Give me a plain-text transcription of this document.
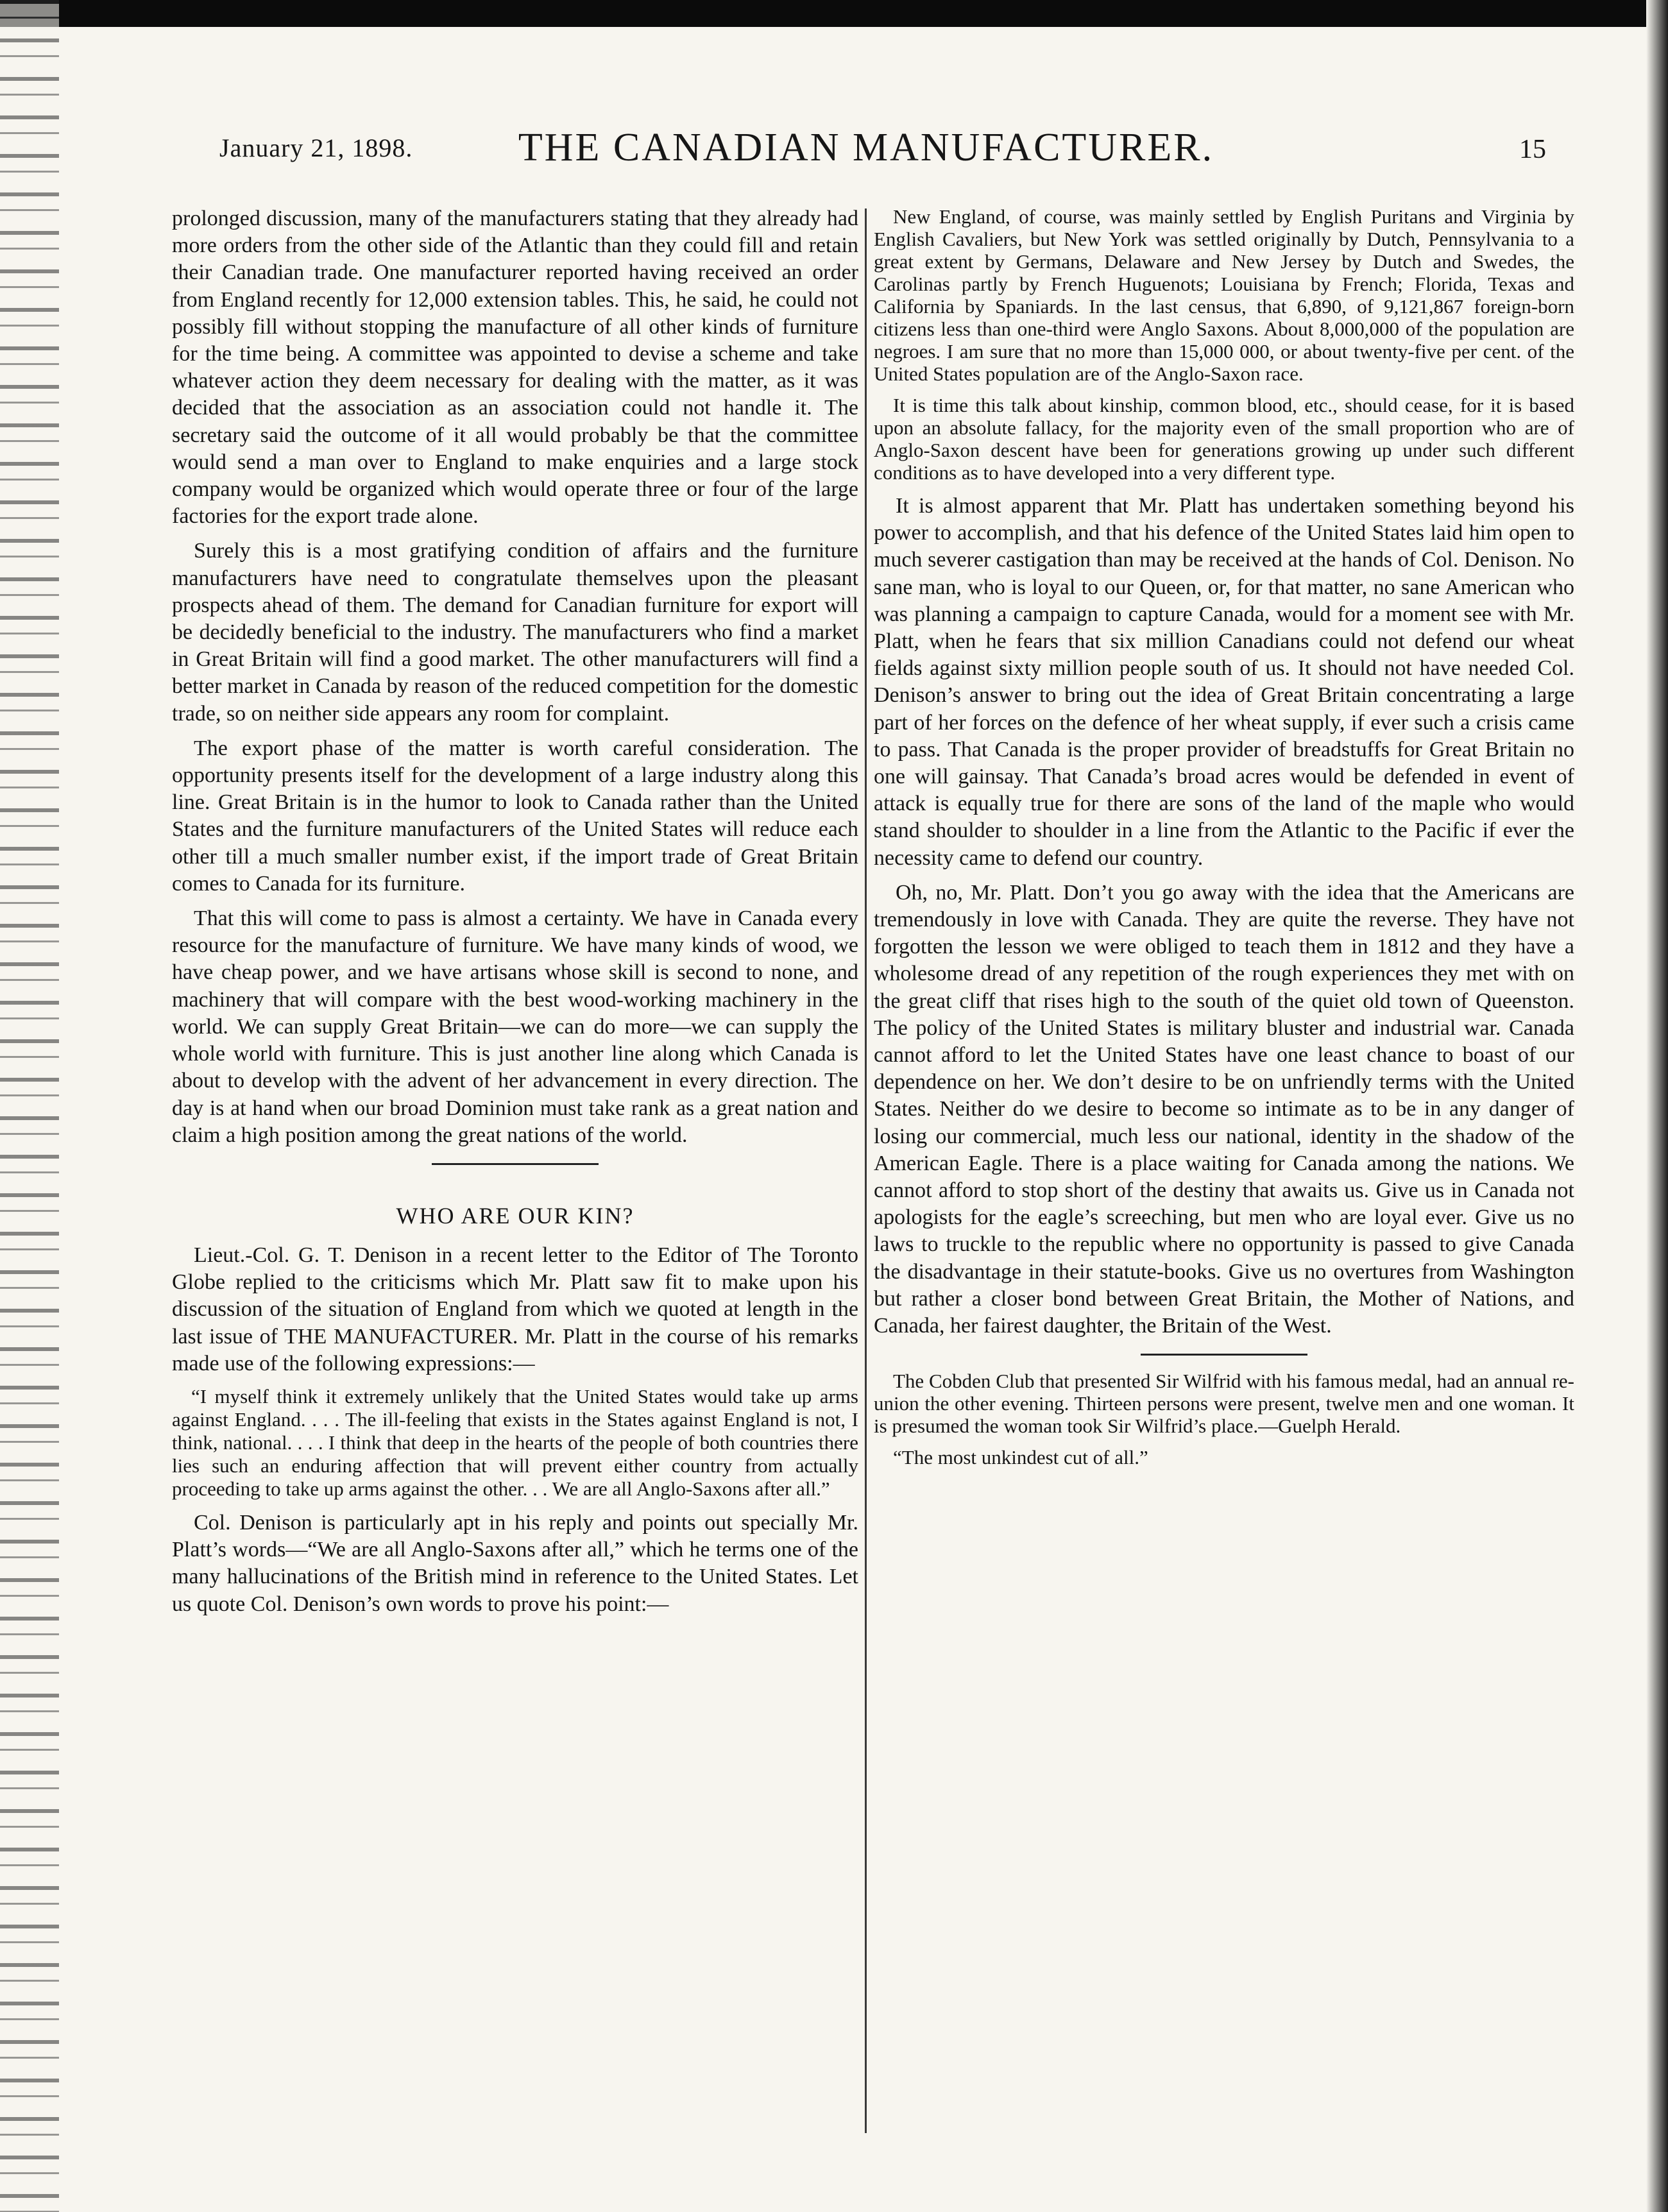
January 21, 1898.	THE CANADIAN MANUFACTURER.	15

prolonged discussion, many of the manufacturers stating that they already had more orders from the other side of the Atlantic than they could fill and retain their Canadian trade. One manufacturer reported having received an order from England recently for 12,000 extension tables. This, he said, he could not possibly fill without stopping the manufacture of all other kinds of furniture for the time being. A committee was appointed to devise a scheme and take whatever action they deem necessary for dealing with the matter, as it was decided that the association as an association could not handle it. The secretary said the outcome of it all would probably be that the committee would send a man over to England to make enquiries and a large stock company would be organized which would operate three or four of the large factories for the export trade alone.

Surely this is a most gratifying condition of affairs and the furniture manufacturers have need to congratulate themselves upon the pleasant prospects ahead of them. The demand for Canadian furniture for export will be decidedly beneficial to the industry. The manufacturers who find a market in Great Britain will find a good market. The other manufacturers will find a better market in Canada by reason of the reduced competition for the domestic trade, so on neither side appears any room for complaint.

The export phase of the matter is worth careful consideration. The opportunity presents itself for the development of a large industry along this line. Great Britain is in the humor to look to Canada rather than the United States and the furniture manufacturers of the United States will reduce each other till a much smaller number exist, if the import trade of Great Britain comes to Canada for its furniture.

That this will come to pass is almost a certainty. We have in Canada every resource for the manufacture of furniture. We have many kinds of wood, we have cheap power, and we have artisans whose skill is second to none, and machinery that will compare with the best wood-working machinery in the world. We can supply Great Britain—we can do more—we can supply the whole world with furniture. This is just another line along which Canada is about to develop with the advent of her advancement in every direction. The day is at hand when our broad Dominion must take rank as a great nation and claim a high position among the great nations of the world.

WHO ARE OUR KIN?

Lieut.-Col. G. T. Denison in a recent letter to the Editor of The Toronto Globe replied to the criticisms which Mr. Platt saw fit to make upon his discussion of the situation of England from which we quoted at length in the last issue of THE MANUFACTURER. Mr. Platt in the course of his remarks made use of the following expressions:—

“I myself think it extremely unlikely that the United States would take up arms against England. . . . The ill-feeling that exists in the States against England is not, I think, national. . . . I think that deep in the hearts of the people of both countries there lies such an enduring affection that will prevent either country from actually proceeding to take up arms against the other. . . We are all Anglo-Saxons after all.”

Col. Denison is particularly apt in his reply and points out specially Mr. Platt’s words—“We are all Anglo-Saxons after all,” which he terms one of the many hallucinations of the British mind in reference to the United States. Let us quote Col. Denison’s own words to prove his point:—

New England, of course, was mainly settled by English Puritans and Virginia by English Cavaliers, but New York was settled originally by Dutch, Pennsylvania to a great extent by Germans, Delaware and New Jersey by Dutch and Swedes, the Carolinas partly by French Huguenots; Louisiana by French; Florida, Texas and California by Spaniards. In the last census, that 6,890, of 9,121,867 foreign-born citizens less than one-third were Anglo Saxons. About 8,000,000 of the population are negroes. I am sure that no more than 15,000 000, or about twenty-five per cent. of the United States population are of the Anglo-Saxon race.

It is time this talk about kinship, common blood, etc., should cease, for it is based upon an absolute fallacy, for the majority even of the small proportion who are of Anglo-Saxon descent have been for generations growing up under such different conditions as to have developed into a very different type.

It is almost apparent that Mr. Platt has undertaken something beyond his power to accomplish, and that his defence of the United States laid him open to much severer castigation than may be received at the hands of Col. Denison. No sane man, who is loyal to our Queen, or, for that matter, no sane American who was planning a campaign to capture Canada, would for a moment see with Mr. Platt, when he fears that six million Canadians could not defend our wheat fields against sixty million people south of us. It should not have needed Col. Denison’s answer to bring out the idea of Great Britain concentrating a large part of her forces on the defence of her wheat supply, if ever such a crisis came to pass. That Canada is the proper provider of breadstuffs for Great Britain no one will gainsay. That Canada’s broad acres would be defended in event of attack is equally true for there are sons of the land of the maple who would stand shoulder to shoulder in a line from the Atlantic to the Pacific if ever the necessity came to defend our country.

Oh, no, Mr. Platt. Don’t you go away with the idea that the Americans are tremendously in love with Canada. They are quite the reverse. They have not forgotten the lesson we were obliged to teach them in 1812 and they have a wholesome dread of any repetition of the rough experiences they met with on the great cliff that rises high to the south of the quiet old town of Queenston. The policy of the United States is military bluster and industrial war. Canada cannot afford to let the United States have one least chance to boast of our dependence on her. We don’t desire to be on unfriendly terms with the United States. Neither do we desire to become so intimate as to be in any danger of losing our commercial, much less our national, identity in the shadow of the American Eagle. There is a place waiting for Canada among the nations. We cannot afford to stop short of the destiny that awaits us. Give us in Canada not apologists for the eagle’s screeching, but men who are loyal ever. Give us no laws to truckle to the republic where no opportunity is passed to give Canada the disadvantage in their statute-books. Give us no overtures from Washington but rather a closer bond between Great Britain, the Mother of Nations, and Canada, her fairest daughter, the Britain of the West.

The Cobden Club that presented Sir Wilfrid with his famous medal, had an annual re-union the other evening. Thirteen persons were present, twelve men and one woman. It is presumed the woman took Sir Wilfrid’s place.—Guelph Herald.

“The most unkindest cut of all.”
